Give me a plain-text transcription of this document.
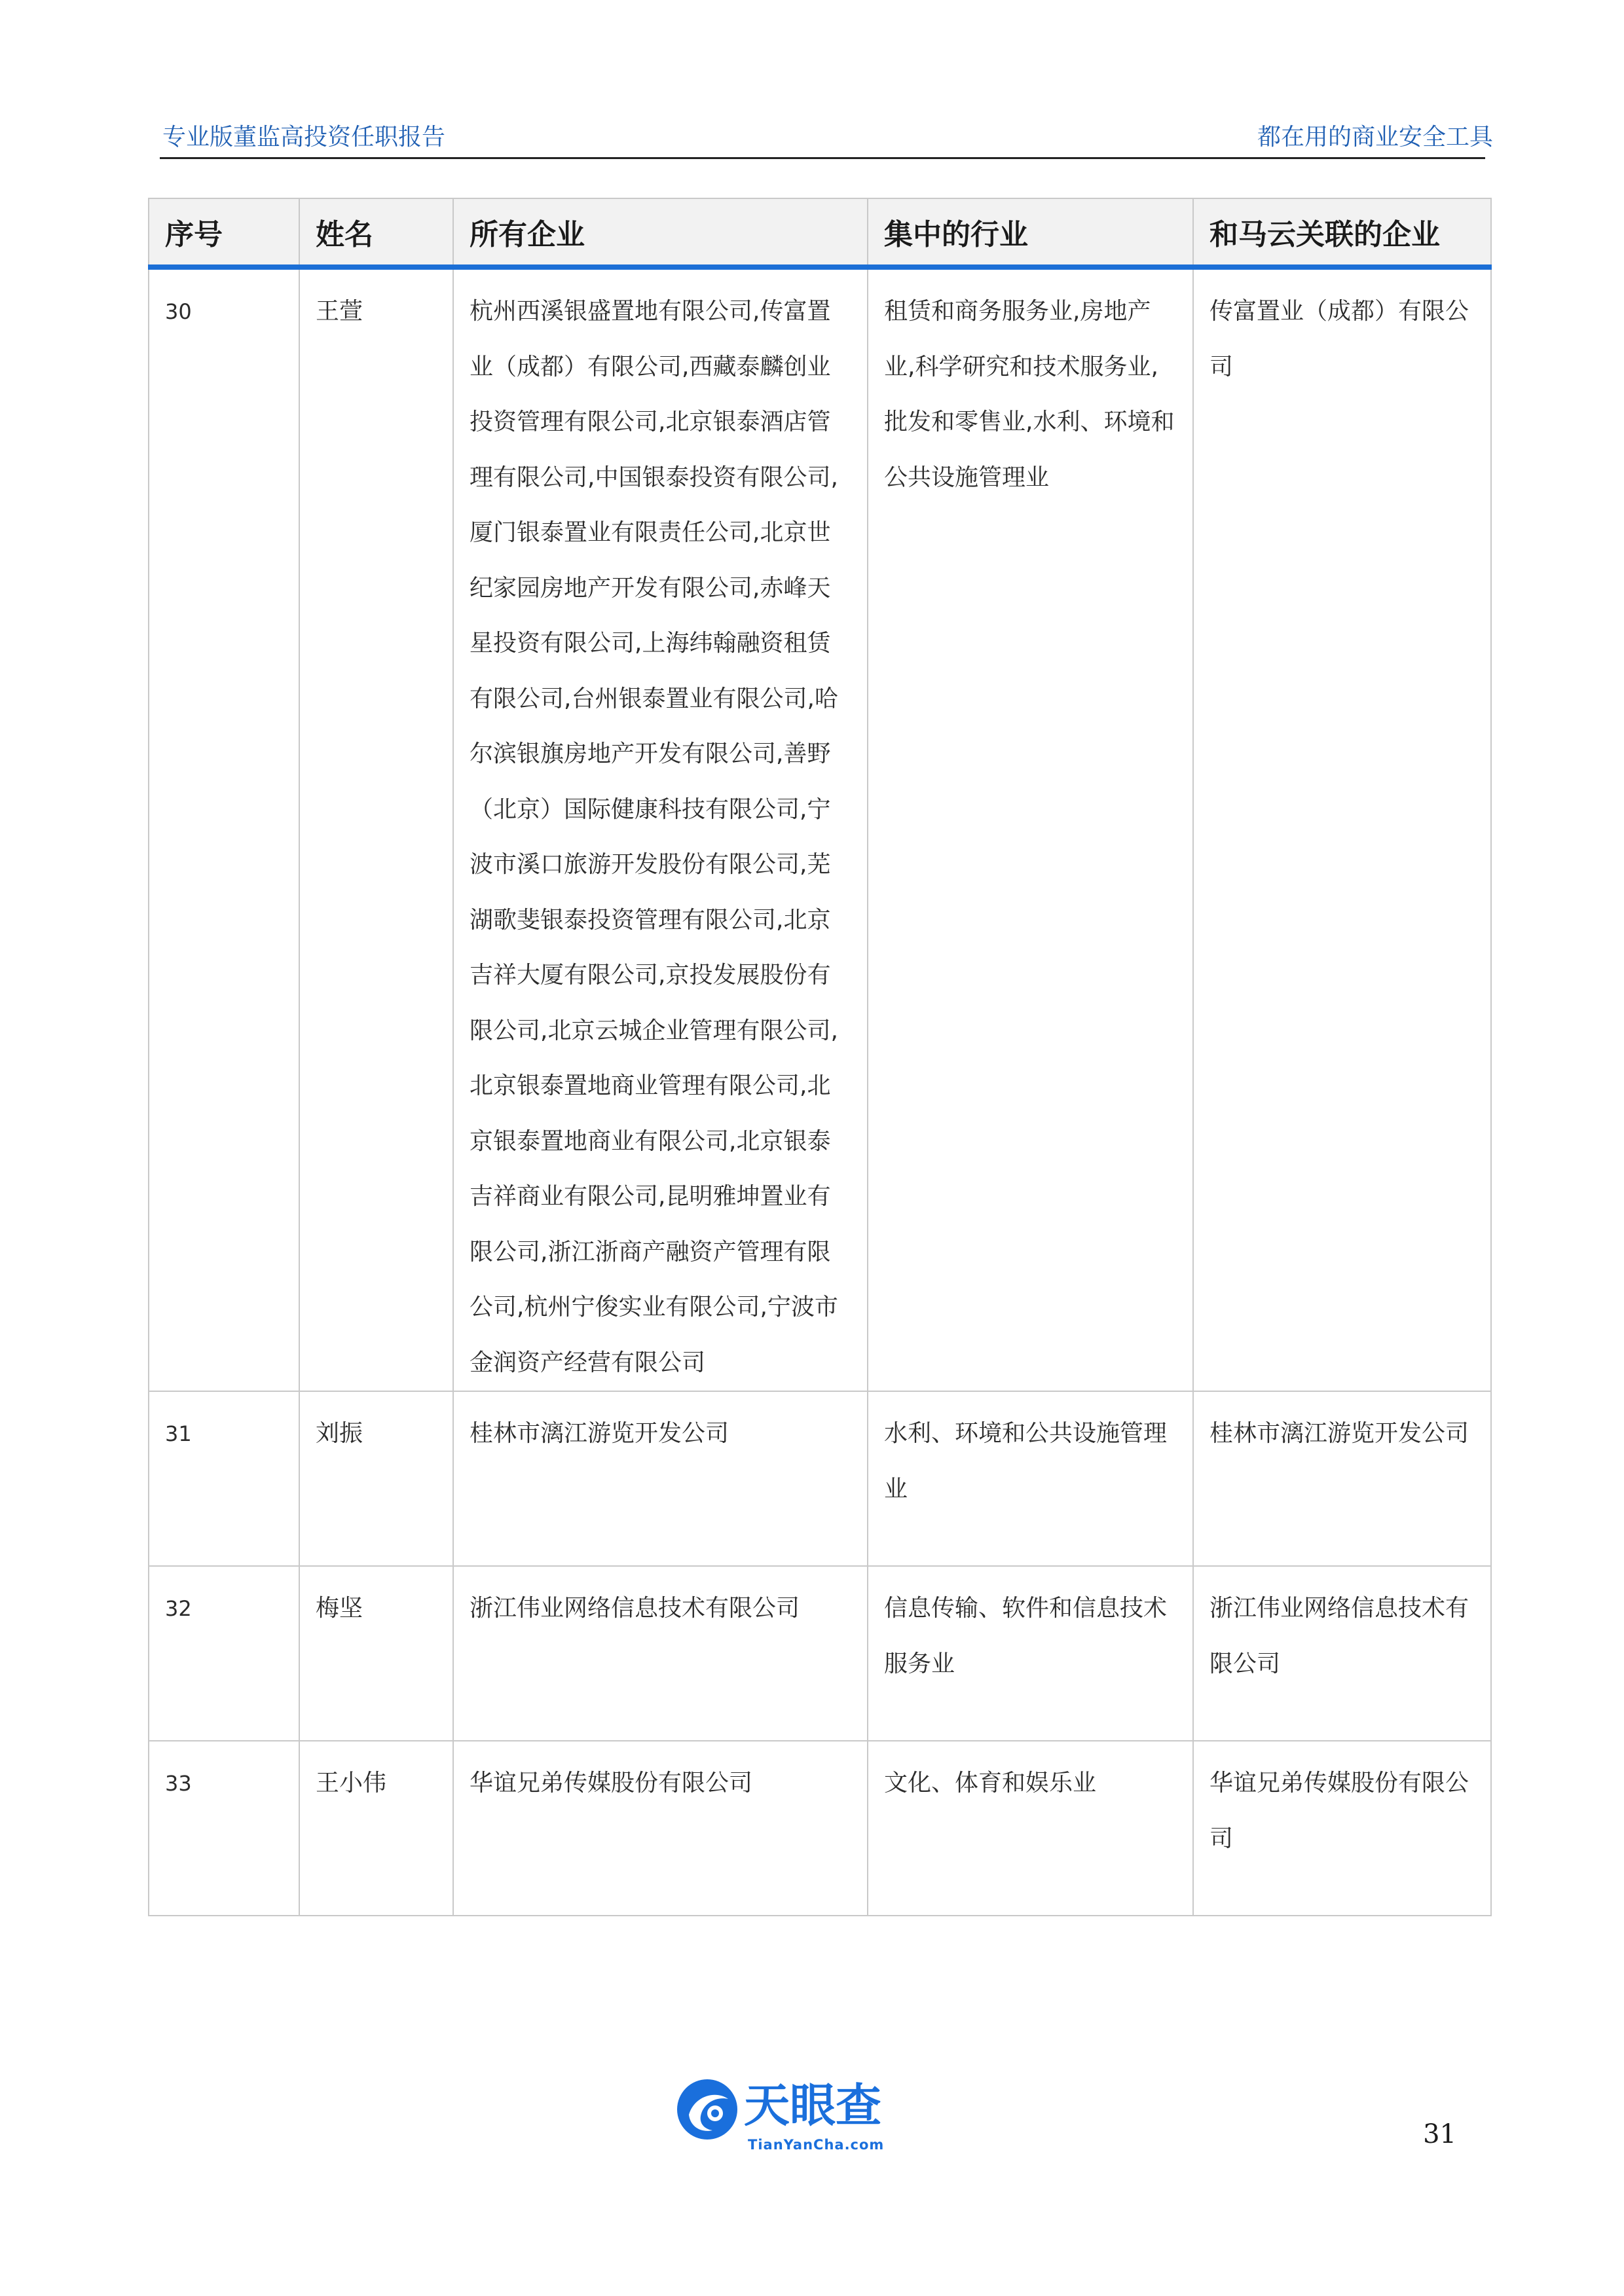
专业版董监高投资任职报告	都在用的商业安全工具
序号	姓名	所有企业	集中的行业	和马云关联的企业
30	王萱	杭州西溪银盛置地有限公司,传富置业（成都）有限公司,西藏泰麟创业投资管理有限公司,北京银泰酒店管理有限公司,中国银泰投资有限公司,厦门银泰置业有限责任公司,北京世纪家园房地产开发有限公司,赤峰天星投资有限公司,上海纬翰融资租赁有限公司,台州银泰置业有限公司,哈尔滨银旗房地产开发有限公司,善野（北京）国际健康科技有限公司,宁波市溪口旅游开发股份有限公司,芜湖歌斐银泰投资管理有限公司,北京吉祥大厦有限公司,京投发展股份有限公司,北京云城企业管理有限公司,北京银泰置地商业管理有限公司,北京银泰置地商业有限公司,北京银泰吉祥商业有限公司,昆明雅坤置业有限公司,浙江浙商产融资产管理有限公司,杭州宁俊实业有限公司,宁波市金润资产经营有限公司	租赁和商务服务业,房地产业,科学研究和技术服务业,批发和零售业,水利、环境和公共设施管理业	传富置业（成都）有限公司
31	刘振	桂林市漓江游览开发公司	水利、环境和公共设施管理业	桂林市漓江游览开发公司
32	梅坚	浙江伟业网络信息技术有限公司	信息传输、软件和信息技术服务业	浙江伟业网络信息技术有限公司
33	王小伟	华谊兄弟传媒股份有限公司	文化、体育和娱乐业	华谊兄弟传媒股份有限公司
天眼查
TianYanCha.com	31
